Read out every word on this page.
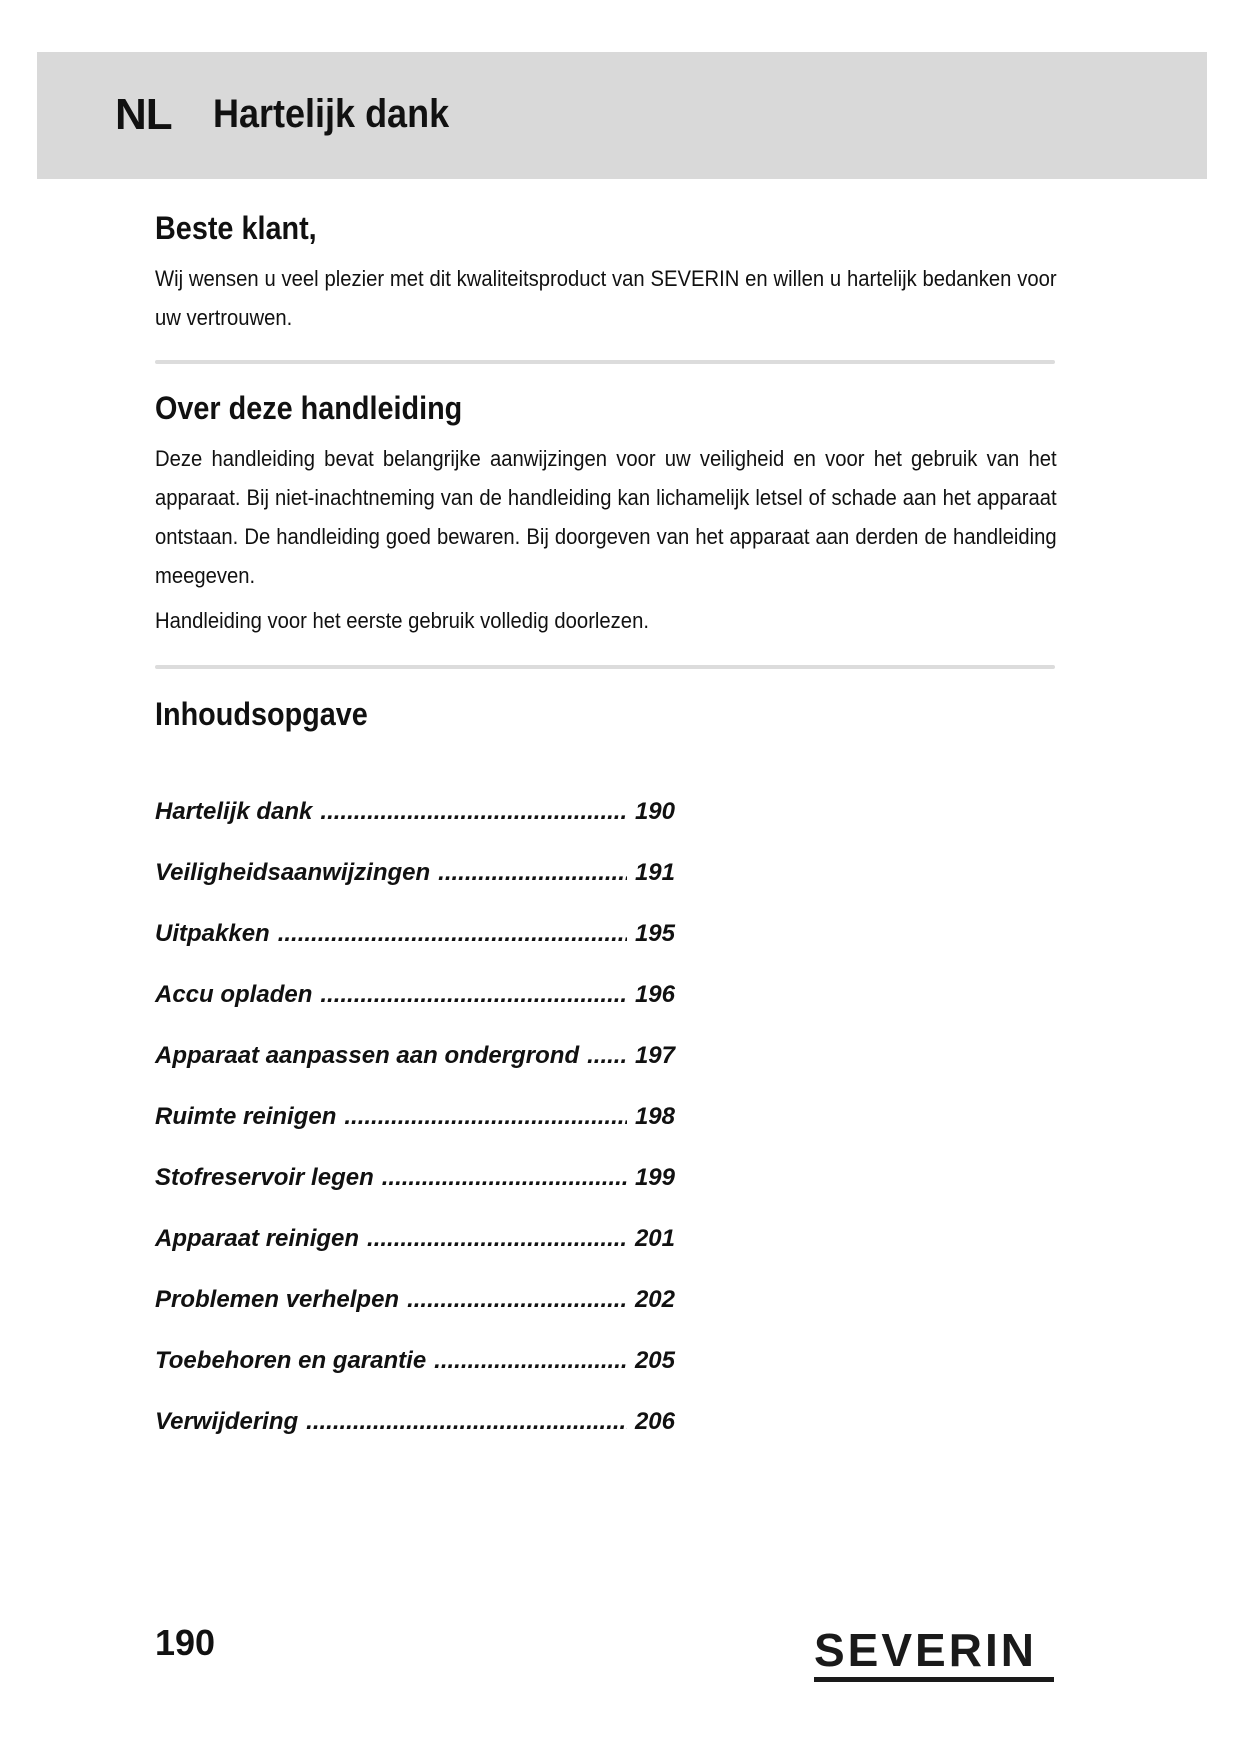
NL Hartelijk dank
Beste klant,

Wij wensen u veel plezier met dit kwaliteitsproduct van SEVERIN en willen u hartelijk bedanken voor uw vertrouwen.

Over deze handleiding

Deze handleiding bevat belangrijke aanwijzingen voor uw veiligheid en voor het gebruik van het apparaat. Bij niet-inachtneming van de handleiding kan lichamelijk letsel of schade aan het apparaat ontstaan. De handleiding goed bewaren. Bij doorgeven van het apparaat aan derden de handleiding meegeven.

Handleiding voor het eerste gebruik volledig doorlezen.

Inhoudsopgave
Hartelijk dank .....	190
Veiligheidsaanwijzingen .....	191
Uitpakken .....	195
Accu opladen .....	196
Apparaat aanpassen aan ondergrond ..... 197
Ruimte reinigen .....	198
Stofreservoir legen .....	199
Apparaat reinigen .....	201
Problemen verhelpen .....	202
Toebehoren en garantie .....	205
Verwijdering .....	206
190	SEVERIN
